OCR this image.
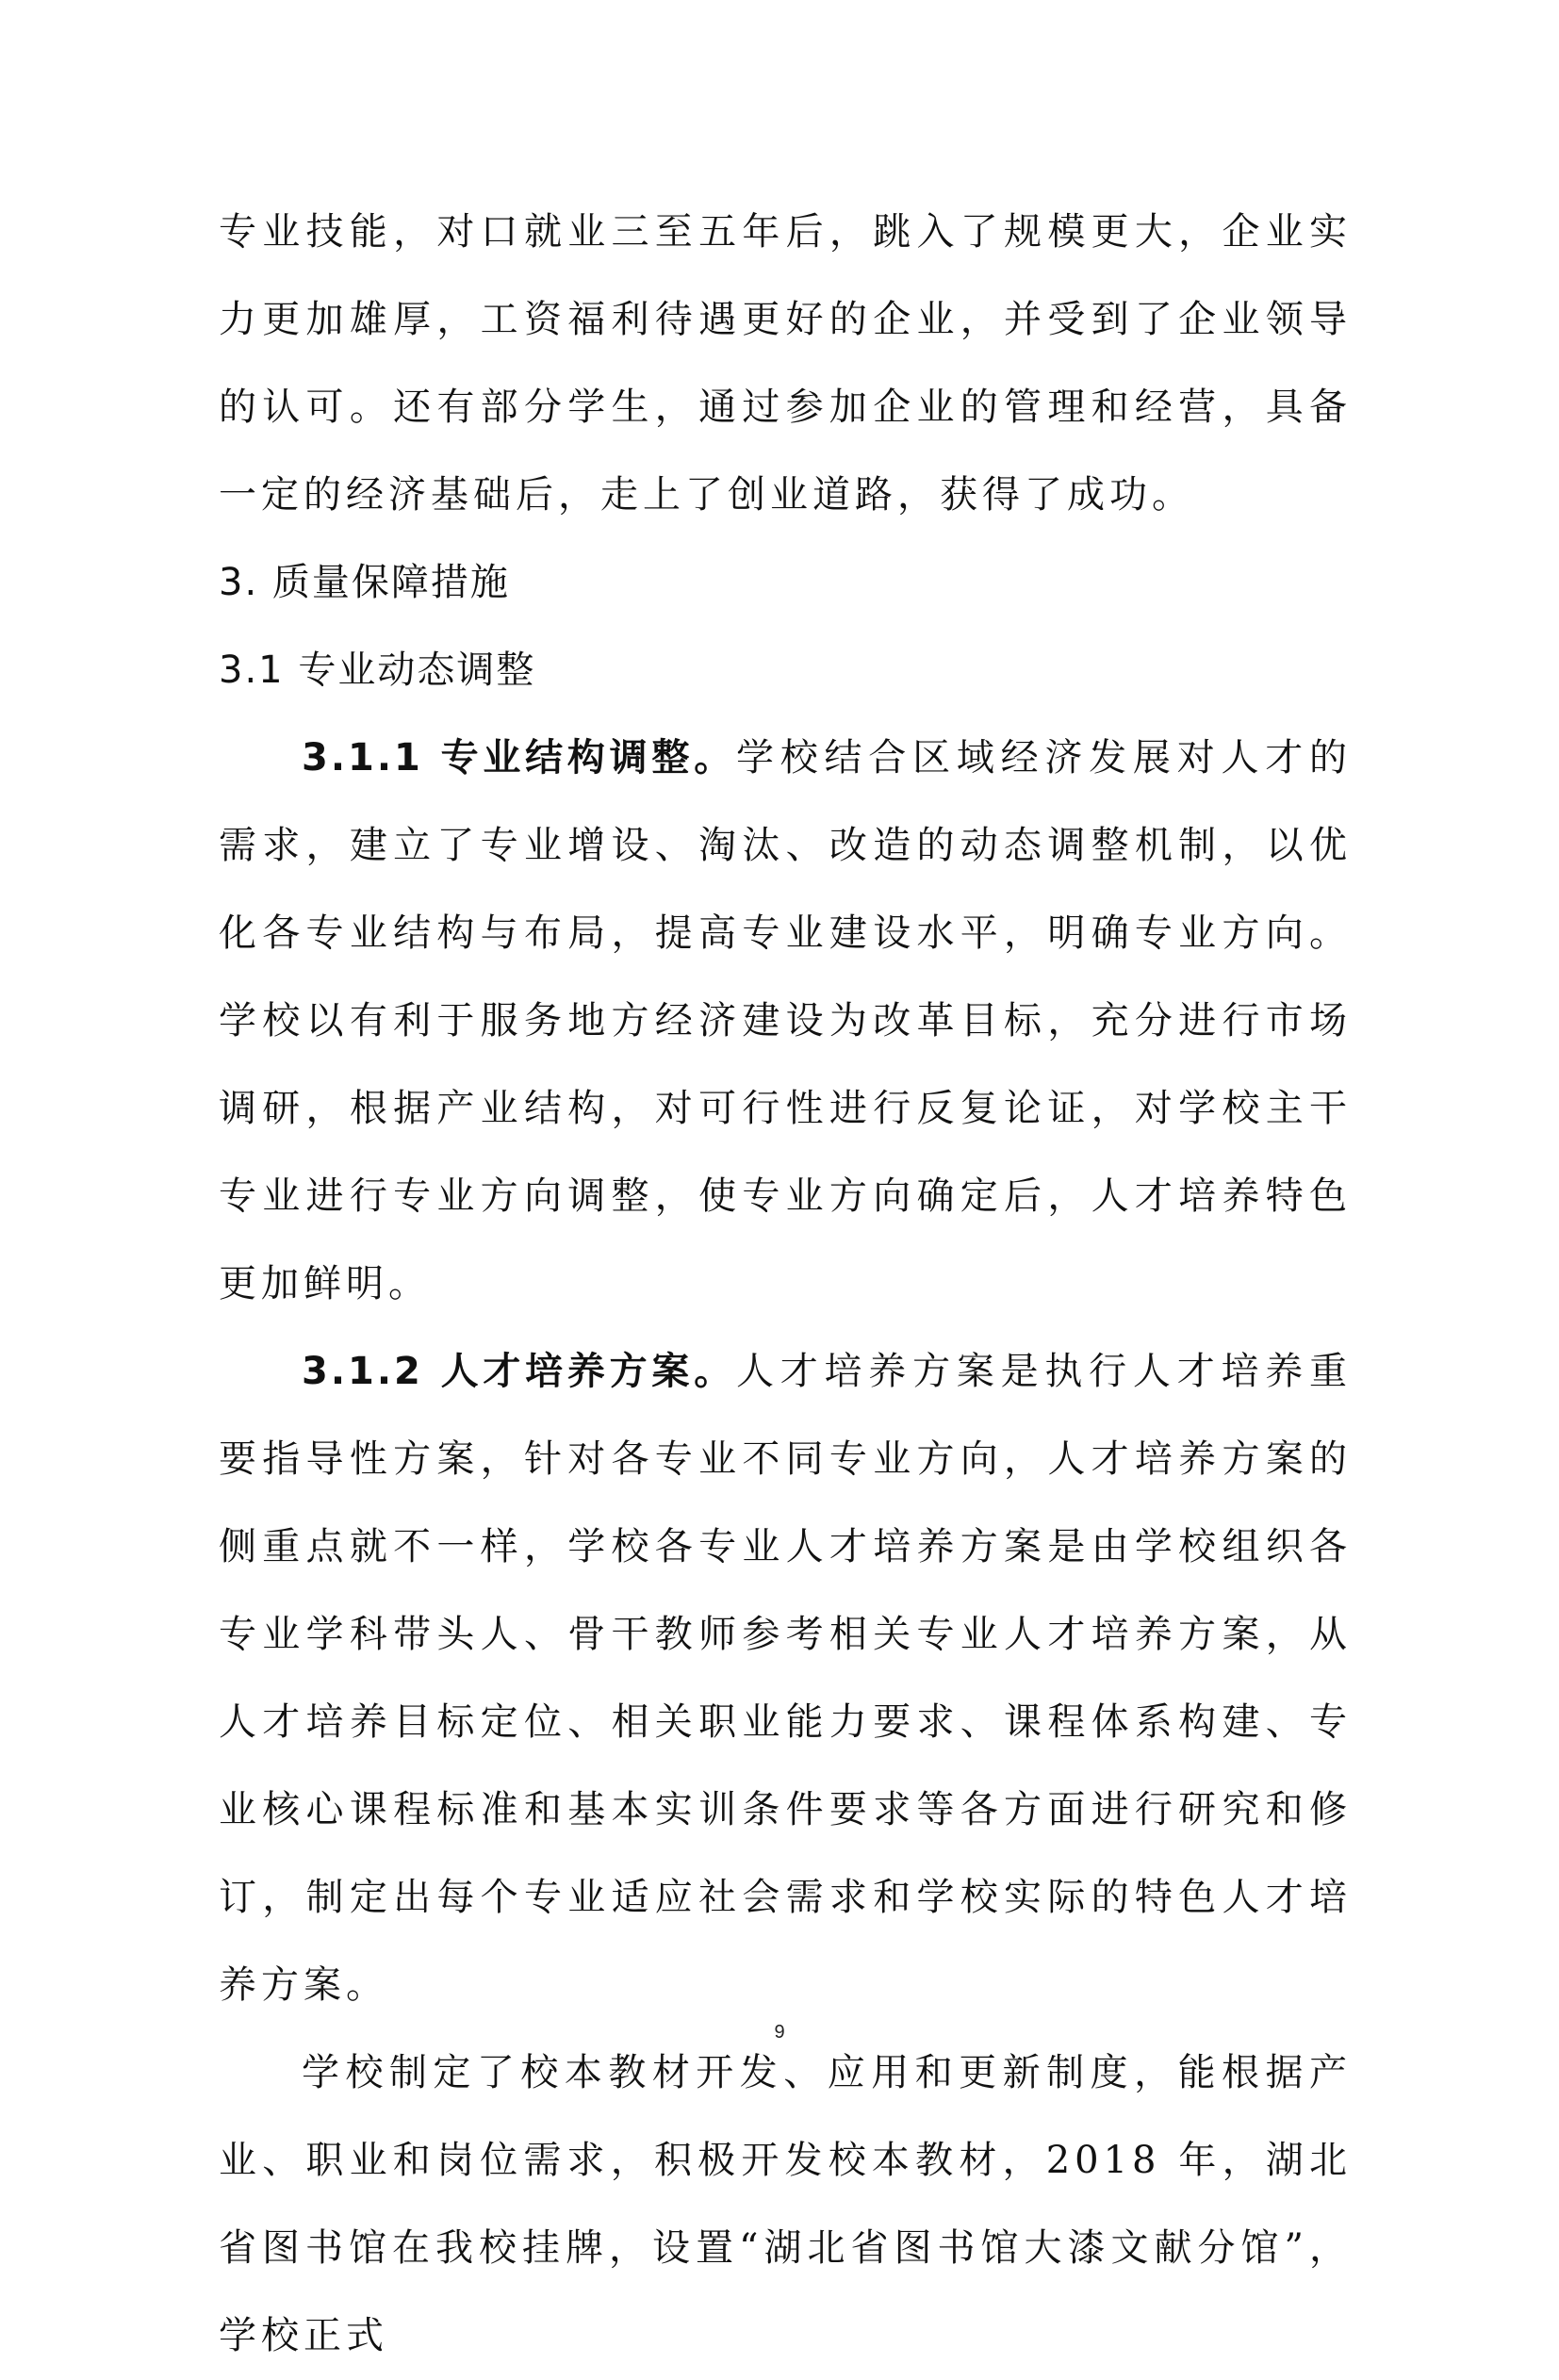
专业技能，对口就业三至五年后，跳入了规模更大，企业实力更加雄厚，工资福利待遇更好的企业，并受到了企业领导的认可。还有部分学生，通过参加企业的管理和经营，具备一定的经济基础后，走上了创业道路，获得了成功。

3. 质量保障措施

3.1 专业动态调整

3.1.1 专业结构调整。学校结合区域经济发展对人才的需求，建立了专业增设、淘汰、改造的动态调整机制，以优化各专业结构与布局，提高专业建设水平，明确专业方向。学校以有利于服务地方经济建设为改革目标，充分进行市场调研，根据产业结构，对可行性进行反复论证，对学校主干专业进行专业方向调整，使专业方向确定后，人才培养特色更加鲜明。

3.1.2 人才培养方案。人才培养方案是执行人才培养重要指导性方案，针对各专业不同专业方向，人才培养方案的侧重点就不一样，学校各专业人才培养方案是由学校组织各专业学科带头人、骨干教师参考相关专业人才培养方案，从人才培养目标定位、相关职业能力要求、课程体系构建、专业核心课程标准和基本实训条件要求等各方面进行研究和修订，制定出每个专业适应社会需求和学校实际的特色人才培养方案。

学校制定了校本教材开发、应用和更新制度，能根据产业、职业和岗位需求，积极开发校本教材，2018 年，湖北省图书馆在我校挂牌，设置“湖北省图书馆大漆文献分馆”，学校正式

9
